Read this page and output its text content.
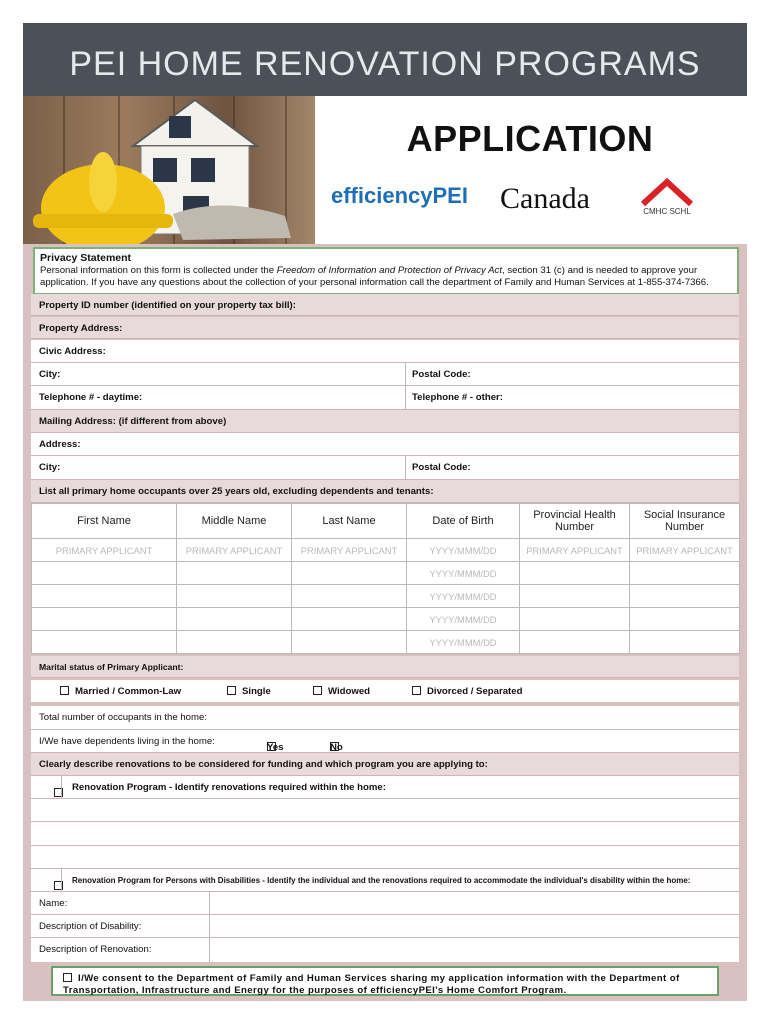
PEI HOME RENOVATION PROGRAMS
APPLICATION
efficiencyPEI Canada	CMHC SCHL
Privacy Statement
Personal information on this form is collected under the Freedom of Information and Protection of Privacy Act, section 31 (c) and is needed to approve your application. If you have any questions about the collection of your personal information call the department of Family and Human Services at 1-855-374-7366.
Property ID number (identified on your property tax bill):
Property Address:
Civic Address:
City:	Postal Code:
Telephone # - daytime:	Telephone # - other:
Mailing Address: (if different from above)
Address:
City:	Postal Code:
List all primary home occupants over 25 years old, excluding dependents and tenants:
First Name	Middle Name	Last Name	Date of Birth	Provincial Health Number	Social Insurance Number
PRIMARY APPLICANT	PRIMARY APPLICANT	PRIMARY APPLICANT	YYYY/MMM/DD	PRIMARY APPLICANT	PRIMARY APPLICANT
			YYYY/MMM/DD		
			YYYY/MMM/DD		
			YYYY/MMM/DD		
			YYYY/MMM/DD		
Marital status of Primary Applicant:
Married / Common-Law	Single	Widowed	Divorced / Separated
Total number of occupants in the home:
I/We have dependents living in the home:
Yes	No
Clearly describe renovations to be considered for funding and which program you are applying to:
Renovation Program - Identify renovations required within the home:
Renovation Program for Persons with Disabilities - Identify the individual and the renovations required to accommodate the individual's disability within the home:
Name:
Description of Disability:
Description of Renovation:
I/We consent to the Department of Family and Human Services sharing my application information with the Department of Transportation, Infrastructure and Energy for the purposes of efficiencyPEI's Home Comfort Program.
